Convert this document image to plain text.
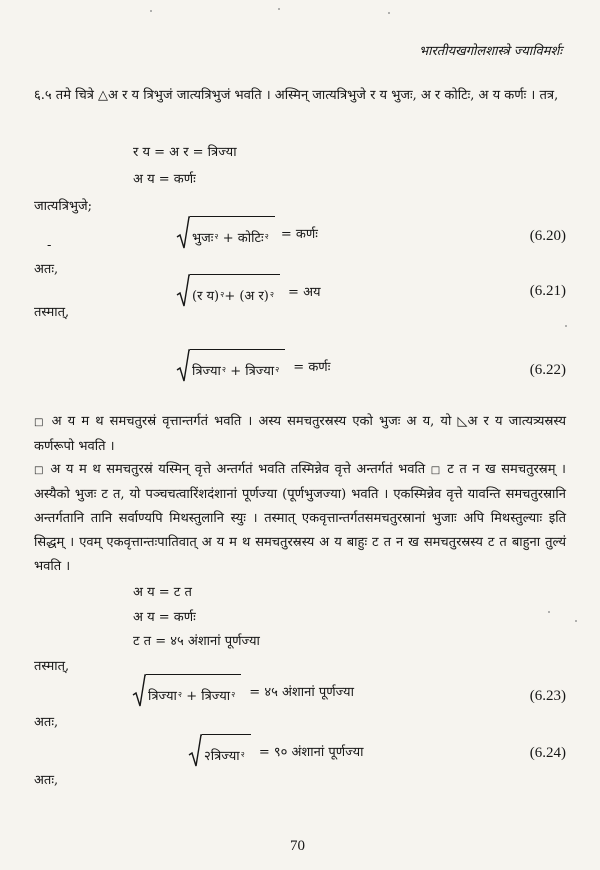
भारतीयखगोलशास्त्रे ज्याविमर्शः
६.५ तमे चित्रे △अ र य त्रिभुजं जात्यत्रिभुजं भवति । अस्मिन् जात्यत्रिभुजे र य भुजः, अ र कोटिः, अ य कर्णः । तत्र,
र य = अ र = त्रिज्या
अ य = कर्णः
जात्यत्रिभुजे;
-	भुजः २
+ कोटिः २ = कर्णः	(6.20)
अतः,
(र य) २ + (अ र) २ = अय	(6.21)
तस्मात्,
त्रिज्या २
+ त्रिज्या २ = कर्णः	(6.22)
□ अ य म थ समचतुरस्रं वृत्तान्तर्गतं भवति । अस्य समचतुरस्रस्य एको भुजः अ य, यो ◺अ र य जात्यत्र्यस्रस्य कर्णरूपो भवति ।
□ अ य म थ समचतुरस्रं यस्मिन् वृत्ते अन्तर्गतं भवति तस्मिन्नेव वृत्ते अन्तर्गतं भवति □ ट त न ख समचतुरस्रम् । अस्यैको भुजः ट त, यो पञ्चचत्वारिंशदंशानां पूर्णज्या (पूर्णभुजज्या) भवति । एकस्मिन्नेव वृत्ते यावन्ति समचतुरस्रानि अन्तर्गतानि तानि सर्वाण्यपि मिथस्तुलानि स्युः । तस्मात् एकवृत्तान्तर्गतसमचतुरस्रानां भुजाः अपि मिथस्तुल्याः इति सिद्धम् । एवम् एकवृत्तान्तःपातिवात् अ य म थ समचतुरस्रस्य अ य बाहुः ट त न ख समचतुरस्रस्य ट त बाहुना तुल्यं भवति ।
अ य = ट त
अ य = कर्णः
ट त = ४५ अंशानां पूर्णज्या
तस्मात्,
त्रिज्या २
+ त्रिज्या २ = ४५ अंशानां पूर्णज्या	(6.23)
अतः,
२त्रिज्या २ = ९० अंशानां पूर्णज्या	(6.24)
अतः,
70
